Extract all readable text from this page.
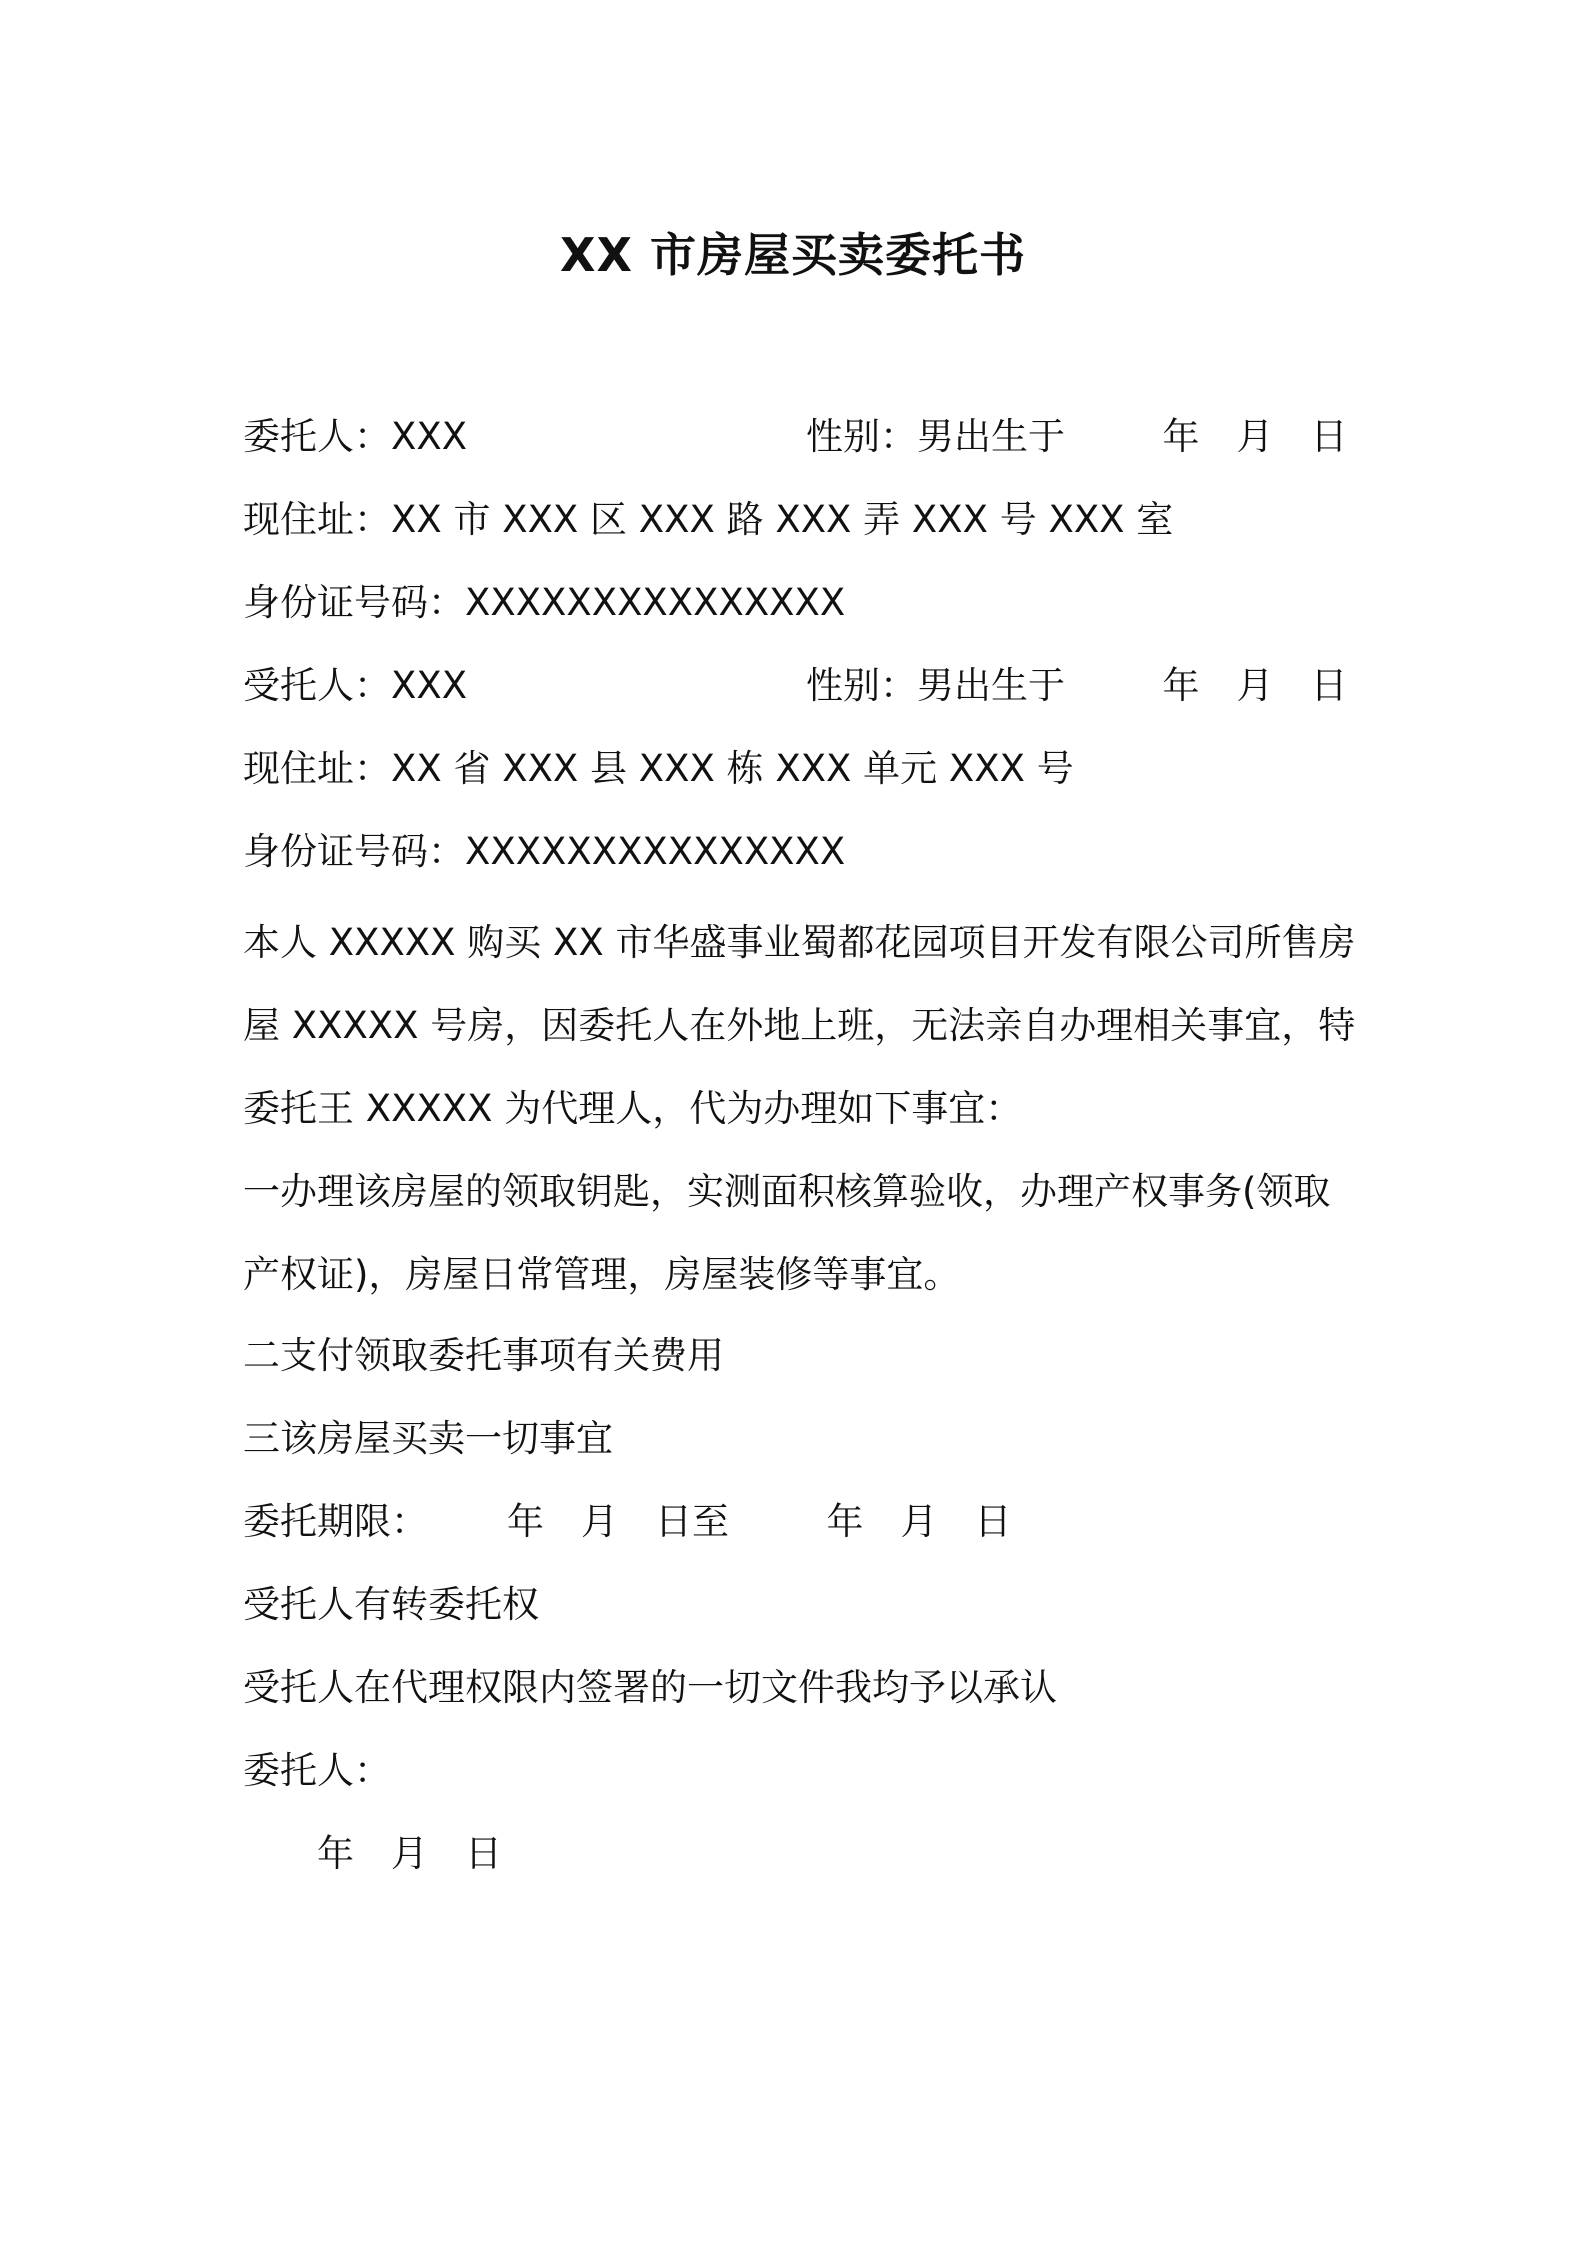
XX 市房屋买卖委托书
委托人：XXX	性别：男出生于　　  年　月　日
现住址：XX 市 XXX 区 XXX 路 XXX 弄 XXX 号 XXX 室
身份证号码：XXXXXXXXXXXXXXX
受托人：XXX	性别：男出生于　　  年　月　日
现住址：XX 省 XXX 县 XXX 栋 XXX 单元 XXX 号
身份证号码：XXXXXXXXXXXXXXX
本人 XXXXX 购买 XX 市华盛事业蜀都花园项目开发有限公司所售房
屋 XXXXX 号房，因委托人在外地上班，无法亲自办理相关事宜，特
委托王 XXXXX 为代理人，代为办理如下事宜：
一办理该房屋的领取钥匙，实测面积核算验收，办理产权事务(领取
产权证)，房屋日常管理，房屋装修等事宜。
二支付领取委托事项有关费用
三该房屋买卖一切事宜
委托期限：　　  年　月　日至　　  年　月　日
受托人有转委托权
受托人在代理权限内签署的一切文件我均予以承认
委托人：
年　月　日
